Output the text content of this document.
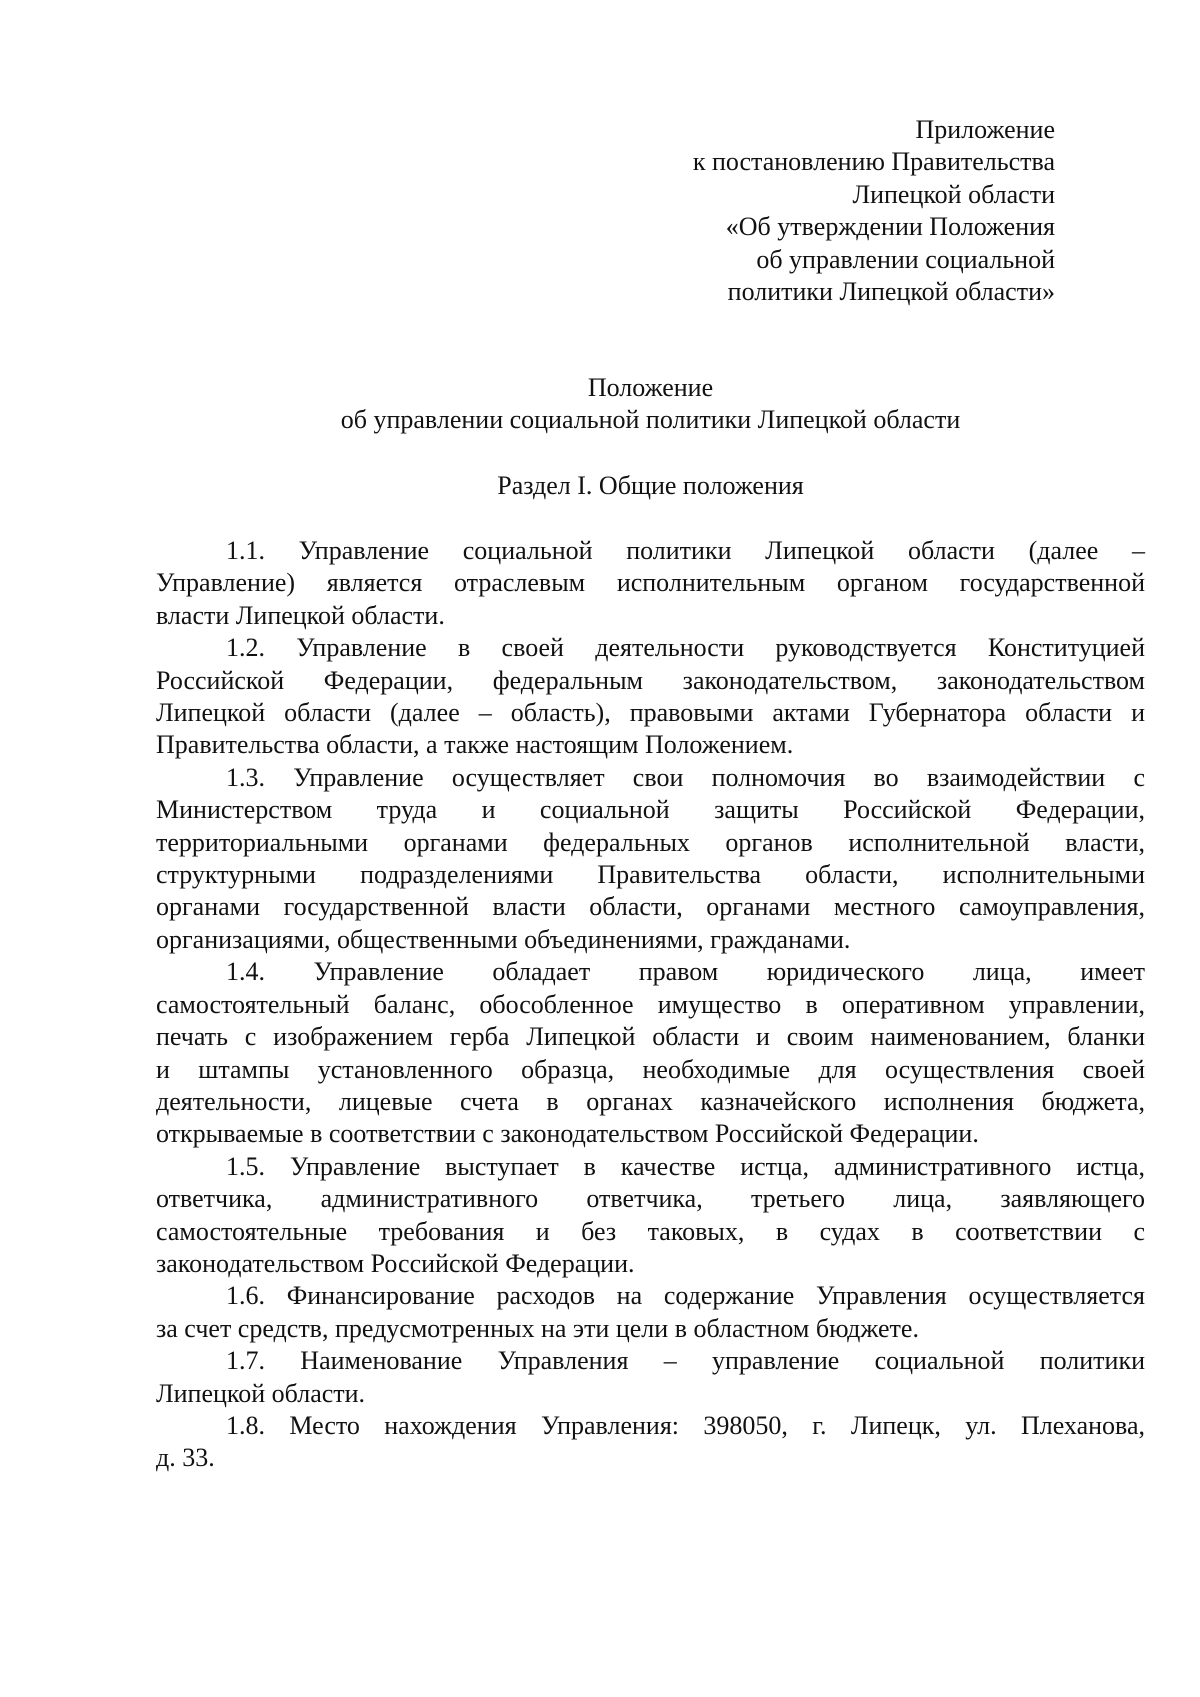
Приложение
к постановлению Правительства
Липецкой области
«Об утверждении Положения
об управлении социальной
политики Липецкой области»
Положение
об управлении социальной политики Липецкой области
Раздел I. Общие положения
1.1. Управление социальной политики Липецкой области (далее –
Управление) является отраслевым исполнительным органом государственной
власти Липецкой области.
1.2. Управление в своей деятельности руководствуется Конституцией
Российской Федерации, федеральным законодательством, законодательством
Липецкой области (далее – область), правовыми актами Губернатора области и
Правительства области, а также настоящим Положением.
1.3. Управление осуществляет свои полномочия во взаимодействии с
Министерством труда и социальной защиты Российской Федерации,
территориальными органами федеральных органов исполнительной власти,
структурными подразделениями Правительства области, исполнительными
органами государственной власти области, органами местного самоуправления,
организациями, общественными объединениями, гражданами.
1.4. Управление обладает правом юридического лица, имеет
самостоятельный баланс, обособленное имущество в оперативном управлении,
печать с изображением герба Липецкой области и своим наименованием, бланки
и штампы установленного образца, необходимые для осуществления своей
деятельности, лицевые счета в органах казначейского исполнения бюджета,
открываемые в соответствии с законодательством Российской Федерации.
1.5. Управление выступает в качестве истца, административного истца,
ответчика, административного ответчика, третьего лица, заявляющего
самостоятельные требования и без таковых, в судах в соответствии с
законодательством Российской Федерации.
1.6. Финансирование расходов на содержание Управления осуществляется
за счет средств, предусмотренных на эти цели в областном бюджете.
1.7. Наименование Управления – управление социальной политики
Липецкой области.
1.8. Место нахождения Управления: 398050, г. Липецк, ул. Плеханова,
д. 33.
